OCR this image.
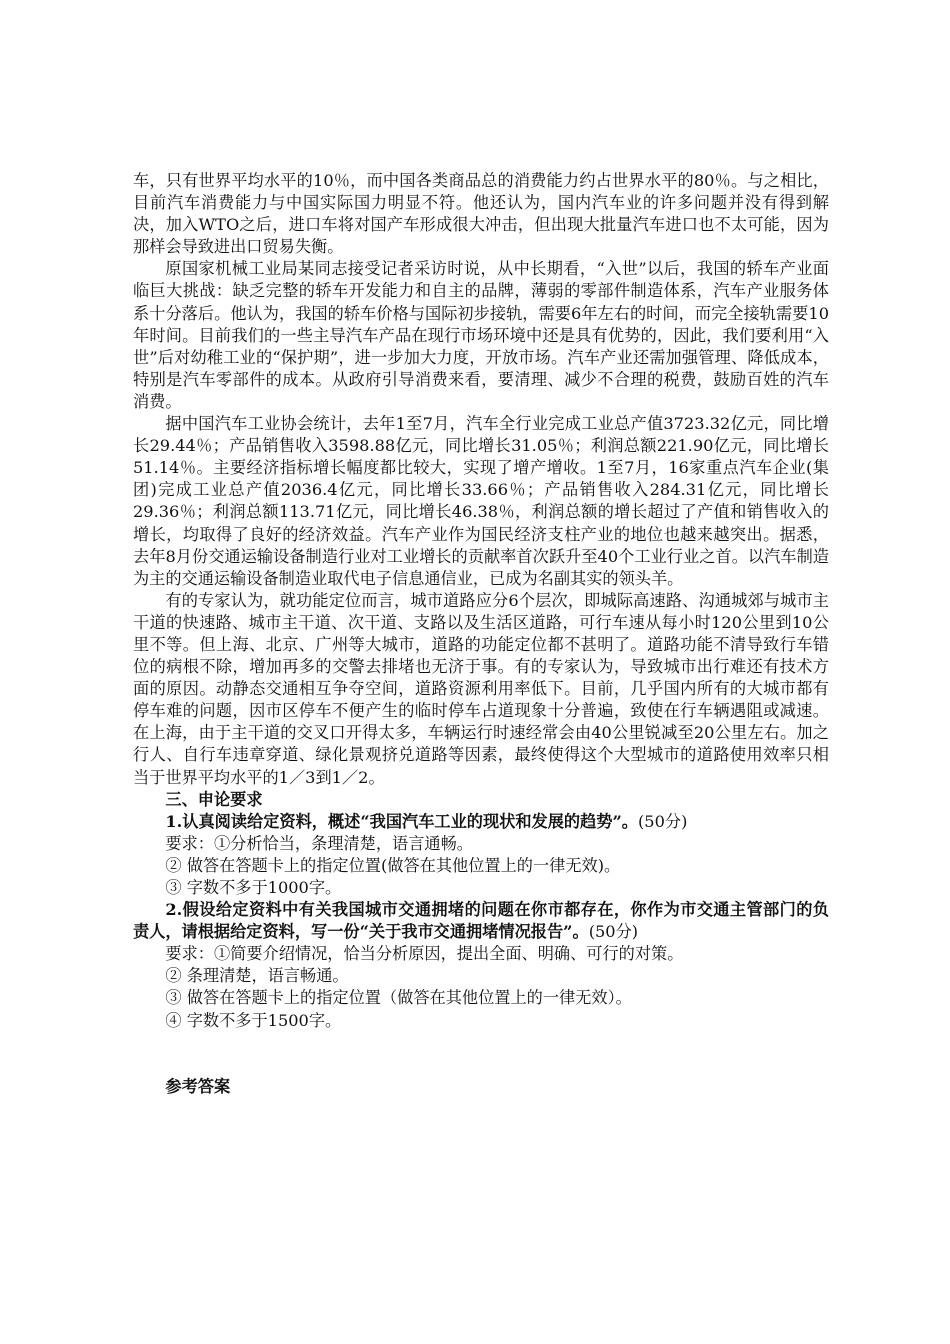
车，只有世界平均水平的10％，而中国各类商品总的消费能力约占世界水平的80％。与之相比，目前汽车消费能力与中国实际国力明显不符。他还认为，国内汽车业的许多问题并没有得到解决，加入WTO之后，进口车将对国产车形成很大冲击，但出现大批量汽车进口也不太可能，因为那样会导致进出口贸易失衡。

原国家机械工业局某同志接受记者采访时说，从中长期看，“入世”以后，我国的轿车产业面临巨大挑战：缺乏完整的轿车开发能力和自主的品牌，薄弱的零部件制造体系，汽车产业服务体系十分落后。他认为，我国的轿车价格与国际初步接轨，需要6年左右的时间，而完全接轨需要10年时间。目前我们的一些主导汽车产品在现行市场环境中还是具有优势的，因此，我们要利用“入世”后对幼稚工业的“保护期”，进一步加大力度，开放市场。汽车产业还需加强管理、降低成本，特别是汽车零部件的成本。从政府引导消费来看，要清理、减少不合理的税费，鼓励百姓的汽车消费。

据中国汽车工业协会统计，去年1至7月，汽车全行业完成工业总产值3723.32亿元，同比增长29.44％；产品销售收入3598.88亿元，同比增长31.05％；利润总额221.90亿元，同比增长51.14％。主要经济指标增长幅度都比较大，实现了增产增收。1至7月，16家重点汽车企业(集团)完成工业总产值2036.4亿元，同比增长33.66％；产品销售收入284.31亿元，同比增长29.36％；利润总额113.71亿元，同比增长46.38％，利润总额的增长超过了产值和销售收入的增长，均取得了良好的经济效益。汽车产业作为国民经济支柱产业的地位也越来越突出。据悉，去年8月份交通运输设备制造行业对工业增长的贡献率首次跃升至40个工业行业之首。以汽车制造为主的交通运输设备制造业取代电子信息通信业，已成为名副其实的领头羊。

有的专家认为，就功能定位而言，城市道路应分6个层次，即城际高速路、沟通城郊与城市主干道的快速路、城市主干道、次干道、支路以及生活区道路，可行车速从每小时120公里到10公里不等。但上海、北京、广州等大城市，道路的功能定位都不甚明了。道路功能不清导致行车错位的病根不除，增加再多的交警去排堵也无济于事。有的专家认为，导致城市出行难还有技术方面的原因。动静态交通相互争夺空间，道路资源利用率低下。目前，几乎国内所有的大城市都有停车难的问题，因市区停车不便产生的临时停车占道现象十分普遍，致使在行车辆遇阻或减速。在上海，由于主干道的交叉口开得太多，车辆运行时速经常会由40公里锐减至20公里左右。加之行人、自行车违章穿道、绿化景观挤兑道路等因素，最终使得这个大型城市的道路使用效率只相当于世界平均水平的1／3到1／2。

三、申论要求

1.认真阅读给定资料，概述“我国汽车工业的现状和发展的趋势”。(50分)

要求：①分析恰当，条理清楚，语言通畅。

② 做答在答题卡上的指定位置(做答在其他位置上的一律无效)。

③ 字数不多于1000字。

2.假设给定资料中有关我国城市交通拥堵的问题在你市都存在，你作为市交通主管部门的负责人，请根据给定资料，写一份“关于我市交通拥堵情况报告”。(50分)

要求：①简要介绍情况，恰当分析原因，提出全面、明确、可行的对策。

② 条理清楚，语言畅通。

③ 做答在答题卡上的指定位置（做答在其他位置上的一律无效）。

④ 字数不多于1500字。

参考答案
